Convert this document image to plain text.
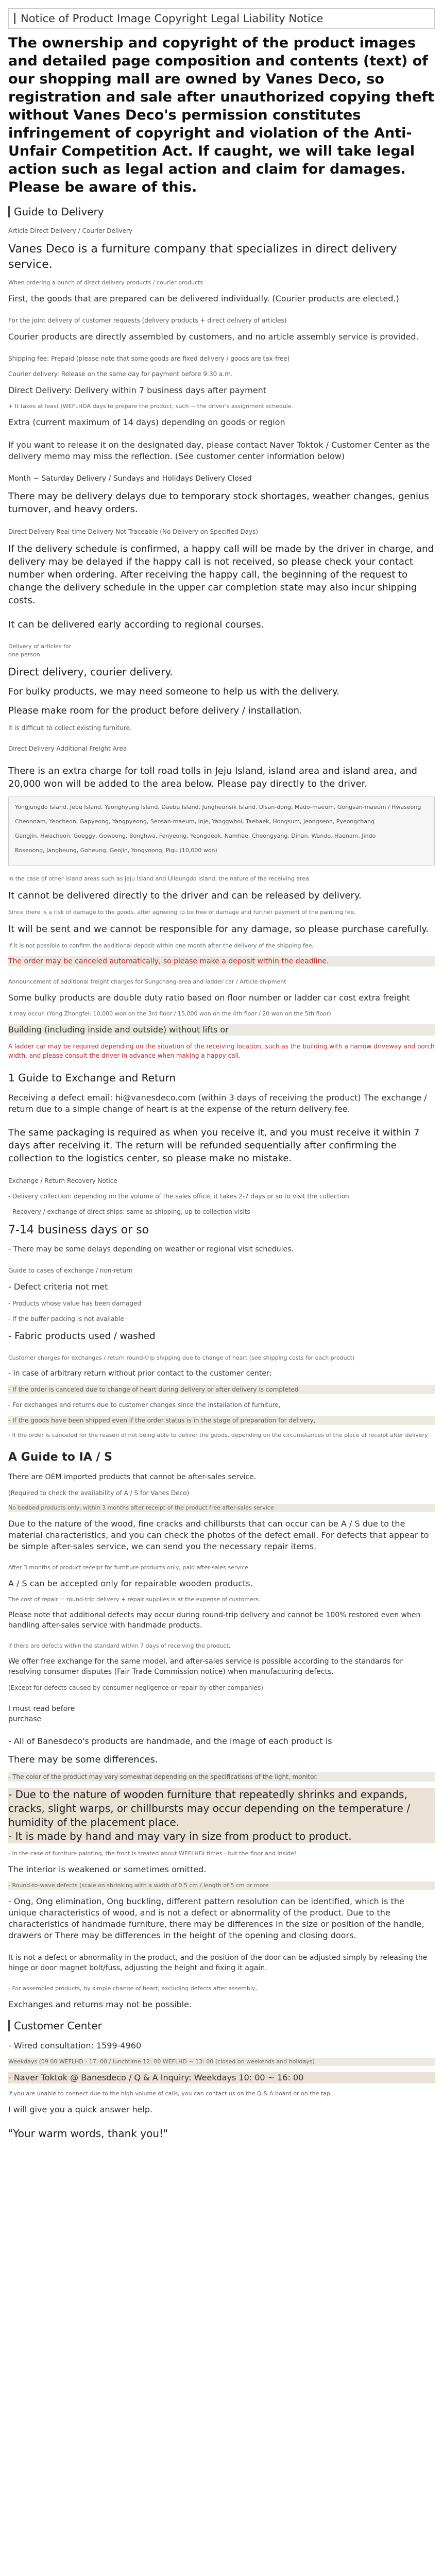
Notice of Product Image Copyright Legal Liability Notice

The ownership and copyright of the product images and detailed page composition and contents (text) of our shopping mall are owned by Vanes Deco, so registration and sale after unauthorized copying theft without Vanes Deco's permission constitutes infringement of copyright and violation of the Anti-Unfair Competition Act. If caught, we will take legal action such as legal action and claim for damages. Please be aware of this.

Guide to Delivery

Article Direct Delivery / Courier Delivery

Vanes Deco is a furniture company that specializes in direct delivery service.

When ordering a bunch of direct delivery products / courier products

First, the goods that are prepared can be delivered individually. (Courier products are elected.)

For the joint delivery of customer requests (delivery products + direct delivery of articles)

Courier products are directly assembled by customers, and no article assembly service is provided.

Shipping fee: Prepaid (please note that some goods are fixed delivery / goods are tax-free)

Courier delivery: Release on the same day for payment before 9:30 a.m.

Direct Delivery: Delivery within 7 business days after payment

+ It takes at least (WEFLHDA days to prepare the product, such ~ the driver's assignment schedule.

Extra (current maximum of 14 days) depending on goods or region

If you want to release it on the designated day, please contact Naver Toktok / Customer Center as the delivery memo may miss the reflection. (See customer center information below)

Month ~ Saturday Delivery / Sundays and Holidays Delivery Closed

There may be delivery delays due to temporary stock shortages, weather changes, genius turnover, and heavy orders.

Direct Delivery Real-time Delivery Not Traceable (No Delivery on Specified Days)

If the delivery schedule is confirmed, a happy call will be made by the driver in charge, and delivery may be delayed if the happy call is not received, so please check your contact number when ordering. After receiving the happy call, the beginning of the request to change the delivery schedule in the upper car completion state may also incur shipping costs.

It can be delivered early according to regional courses.

Delivery of articles for

one person

Direct delivery, courier delivery.

For bulky products, we may need someone to help us with the delivery.

Please make room for the product before delivery / installation.

It is difficult to collect existing furniture.

Direct Delivery Additional Freight Area

There is an extra charge for toll road tolls in Jeju Island, island area and island area, and 20,000 won will be added to the area below. Please pay directly to the driver.

Yongjungdo Island, Jebu Island, Yeonghyung Island, Daebu Island, Jungheunsik Island, Ulsan-dong, Mado-maeum, Gongsan-maeum / Hwaseong

Cheonnam, Yeocheon, Gapyeong, Yangpyeong, Seosan-maeum, Inje, Yanggwhoi, Taebaek, Hongsum, Jeongseon, Pyeongchang

Gangjin, Hwacheon, Goeggy, Gowoong, Bonghwa, Fenyeong, Yeongdeok, Namhae, Cheongyang, Dinan, Wando, Haenam, Jindo

Boseoong, Jangheung, Goheung, Geojin, Yongyoong, Pigu (10,000 won)

In the case of other island areas such as Jeju Island and Ulleungdo Island, the nature of the receiving area

It cannot be delivered directly to the driver and can be released by delivery.

Since there is a risk of damage to the goods, after agreeing to be free of damage and further payment of the painting fee,

It will be sent and we cannot be responsible for any damage, so please purchase carefully.

If it is not possible to confirm the additional deposit within one month after the delivery of the shipping fee,

The order may be canceled automatically, so please make a deposit within the deadline.

Announcement of additional freight charges for Sungchang-area and ladder car / Article shipment

Some bulky products are double duty ratio based on floor number or ladder car cost extra freight

It may occur. (Yong Zhongfei: 10,000 won on the 3rd floor / 15,000 won on the 4th floor / 20 won on the 5th floor)

Building (including inside and outside) without lifts or

A ladder car may be required depending on the situation of the receiving location, such as the building with a narrow driveway and porch width, and please consult the driver in advance when making a happy call.

1 Guide to Exchange and Return

Receiving a defect email: hi@vanesdeco.com (within 3 days of receiving the product) The exchange / return due to a simple change of heart is at the expense of the return delivery fee.

The same packaging is required as when you receive it, and you must receive it within 7 days after receiving it. The return will be refunded sequentially after confirming the collection to the logistics center, so please make no mistake.

Exchange / Return Recovery Notice

- Delivery collection: depending on the volume of the sales office, it takes 2-7 days or so to visit the collection

- Recovery / exchange of direct ships: same as shipping, up to collection visits

7-14 business days or so

- There may be some delays depending on weather or regional visit schedules.

Guide to cases of exchange / non-return

- Defect criteria not met

- Products whose value has been damaged

- If the buffer packing is not available

- Fabric products used / washed

Customer charges for exchanges / return round-trip shipping due to change of heart (see shipping costs for each product)

- In case of arbitrary return without prior contact to the customer center;

- If the order is canceled due to change of heart during delivery or after delivery is completed

- For exchanges and returns due to customer changes since the installation of furniture,

- If the goods have been shipped even if the order status is in the stage of preparation for delivery,

- If the order is canceled for the reason of not being able to deliver the goods, depending on the circumstances of the place of receipt after delivery

A Guide to IA / S

There are OEM imported products that cannot be after-sales service.

(Required to check the availability of A / S for Vanes Deco)

No bedbed products only, within 3 months after receipt of the product free after-sales service

Due to the nature of the wood, fine cracks and chillbursts that can occur can be A / S due to the material characteristics, and you can check the photos of the defect email. For defects that appear to be simple after-sales service, we can send you the necessary repair items.

After 3 months of product receipt for furniture products only, paid after-sales service

A / S can be accepted only for repairable wooden products.

The cost of repair = round-trip delivery + repair supplies is at the expense of customers.

Please note that additional defects may occur during round-trip delivery and cannot be 100% restored even when handling after-sales service with handmade products.

If there are defects within the standard within 7 days of receiving the product,

We offer free exchange for the same model, and after-sales service is possible according to the standards for resolving consumer disputes (Fair Trade Commission notice) when manufacturing defects.

(Except for defects caused by consumer negligence or repair by other companies)

I must read before

purchase

- All of Banesdeco's products are handmade, and the image of each product is

There may be some differences.

- The color of the product may vary somewhat depending on the specifications of the light, monitor.

- Due to the nature of wooden furniture that repeatedly shrinks and expands, cracks, slight warps, or chillbursts may occur depending on the temperature / humidity of the placement place.

- It is made by hand and may vary in size from product to product.

- In the case of furniture painting, the front is treated about WEFLHDI times - but the floor and inside!

The interior is weakened or sometimes omitted.

- Round-to-wave defects (scale on shrinking with a width of 0.5 cm / length of 5 cm or more

- Ong, Ong elimination, Ong buckling, different pattern resolution can be identified, which is the unique characteristics of wood, and is not a defect or abnormality of the product. Due to the characteristics of handmade furniture, there may be differences in the size or position of the handle, drawers or There may be differences in the height of the opening and closing doors.

It is not a defect or abnormality in the product, and the position of the door can be adjusted simply by releasing the hinge or door magnet bolt/fuss, adjusting the height and fixing it again.

- For assembled products, by simple change of heart, excluding defects after assembly,

Exchanges and returns may not be possible.

Customer Center

- Wired consultation: 1599-4960

Weekdays (09 00 WEFLHD - 17: 00 / lunchtime 12: 00 WEFLHD ~ 13: 00 (closed on weekends and holidays)

- Naver Toktok @ Banesdeco / Q & A Inquiry: Weekdays 10: 00 ~ 16: 00

If you are unable to connect due to the high volume of calls, you can contact us on the Q & A board or on the tap

I will give you a quick answer help.

"Your warm words, thank you!"
